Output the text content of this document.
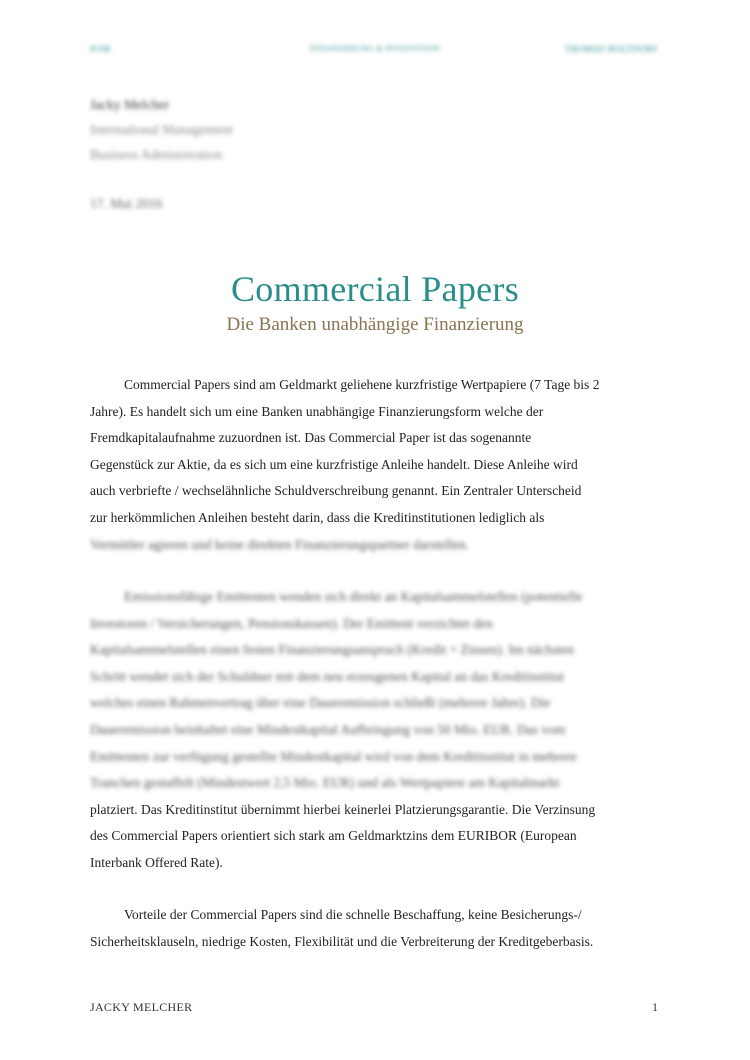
FOM	FINANZIERUNG & INVESTITION	THOMAS HOLTDORF
Jacky Melcher
International Management
Business Administration
17. Mai 2016
Commercial Papers
Die Banken unabhängige Finanzierung
Commercial Papers sind am Geldmarkt geliehene kurzfristige Wertpapiere (7 Tage bis 2
Jahre). Es handelt sich um eine Banken unabhängige Finanzierungsform welche der
Fremdkapitalaufnahme zuzuordnen ist. Das Commercial Paper ist das sogenannte
Gegenstück zur Aktie, da es sich um eine kurzfristige Anleihe handelt. Diese Anleihe wird
auch verbriefte / wechselähnliche Schuldverschreibung genannt. Ein Zentraler Unterscheid
zur herkömmlichen Anleihen besteht darin, dass die Kreditinstitutionen lediglich als
Vermittler agieren und keine direkten Finanzierungspartner darstellen.
Emissionsfähige Emittenten wenden sich direkt an Kapitalsammelstellen (potentielle
Investoren / Versicherungen, Pensionskassen). Der Emittent verzichtet den
Kapitalsammelstellen einen festen Finanzierungsanspruch (Kredit + Zinsen). Im nächsten
Schritt wendet sich der Schuldner mit dem neu erzeugenen Kapital an das Kreditinstitut
welches einen Rahmenvertrag über eine Daueremission schließt (mehrere Jahre). Die
Daueremission beinhaltet eine Mindestkapital Aufbringung von 50 Mio. EUR. Das vom
Emittenten zur verfügung gestellte Mindestkapital wird von dem Kreditinstitut in mehrere
Tranchen gestaffelt (Mindestwert 2,5 Mio. EUR) und als Wertpapiere am Kapitalmarkt
platziert. Das Kreditinstitut übernimmt hierbei keinerlei Platzierungsgarantie. Die Verzinsung
des Commercial Papers orientiert sich stark am Geldmarktzins dem EURIBOR (European
Interbank Offered Rate).
Vorteile der Commercial Papers sind die schnelle Beschaffung, keine Besicherungs-/
Sicherheitsklauseln, niedrige Kosten, Flexibilität und die Verbreiterung der Kreditgeberbasis.
JACKY MELCHER	1
